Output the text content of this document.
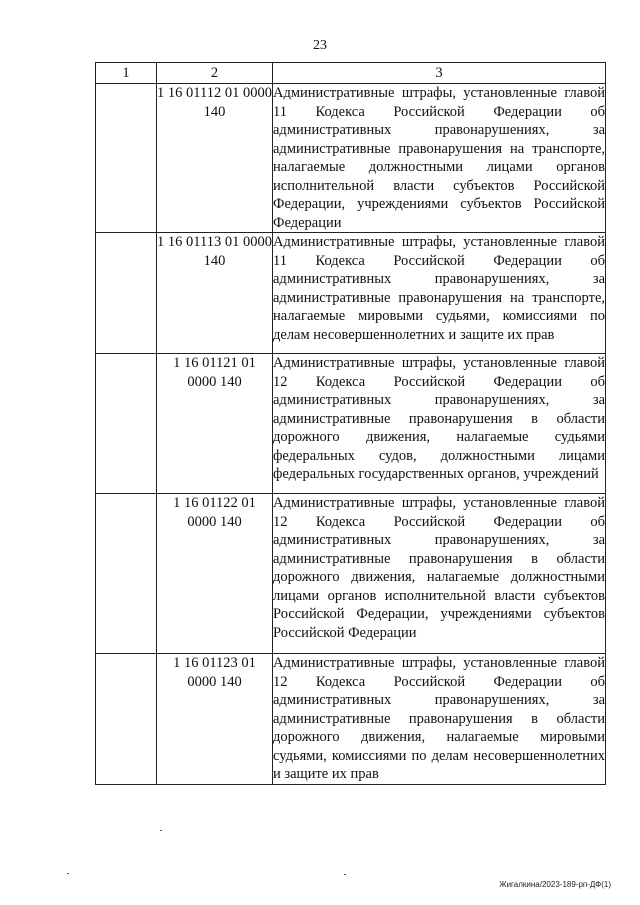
23
1	2	3
	1 16 01112 01 0000 140	Административные штрафы, установленные главой 11 Кодекса Российской Федерации об административных правонарушениях, за административные правонарушения на транспорте, налагаемые должностными лицами органов исполнительной власти субъектов Российской Федерации, учреждениями субъектов Российской Федерации
	1 16 01113 01 0000 140	Административные штрафы, установленные главой 11 Кодекса Российской Федерации об административных правонарушениях, за административные правонарушения на транспорте, налагаемые мировыми судьями, комиссиями по делам несовершеннолетних и защите их прав
	1 16 01121 01 0000 140	Административные штрафы, установленные главой 12 Кодекса Российской Федерации об административных правонарушениях, за административные правонарушения в области дорожного движения, налагаемые судьями федеральных судов, должностными лицами федеральных государственных органов, учреждений
	1 16 01122 01 0000 140	Административные штрафы, установленные главой 12 Кодекса Российской Федерации об административных правонарушениях, за административные правонарушения в области дорожного движения, налагаемые должностными лицами органов исполнительной власти субъектов Российской Федерации, учреждениями субъектов Российской Федерации
	1 16 01123 01 0000 140	Административные штрафы, установленные главой 12 Кодекса Российской Федерации об административных правонарушениях, за административные правонарушения в области дорожного движения, налагаемые мировыми судьями, комиссиями по делам несовершеннолетних и защите их прав
Жигалкина/2023-189-рп-ДФ(1)
